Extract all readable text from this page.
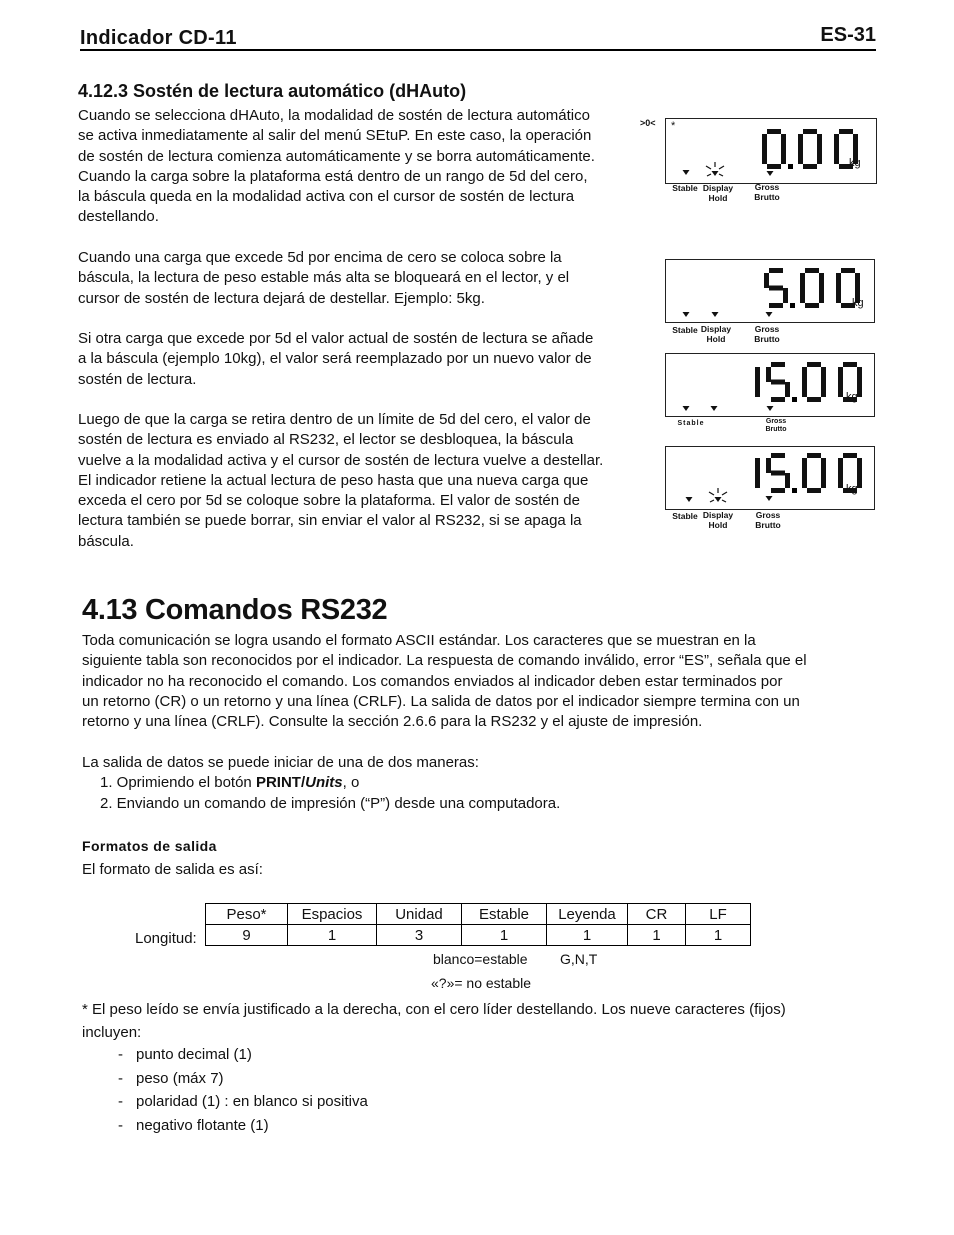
Indicador CD-11	ES-31
4.12.3 Sostén de lectura automático (dHAuto)
Cuando se selecciona dHAuto, la modalidad de sostén de lectura automático
se activa inmediatamente al salir del menú SEtuP. En este caso, la operación
de sostén de lectura comienza automáticamente y se borra automáticamente.
Cuando la carga sobre la plataforma está dentro de un rango de 5d del cero,
la báscula queda en la modalidad activa con el cursor de sostén de lectura
destellando.
Cuando una carga que excede 5d por encima de cero se coloca sobre la
báscula, la lectura de peso estable más alta se bloqueará en el lector, y el
cursor de sostén de lectura dejará de destellar. Ejemplo: 5kg.
Si otra carga que excede por 5d el valor actual de sostén de lectura se añade
a la báscula (ejemplo 10kg), el valor será reemplazado por un nuevo valor de
sostén de lectura.
Luego de que la carga se retira dentro de un límite de 5d del cero, el valor de
sostén de lectura es enviado al RS232, el lector se desbloquea, la báscula
vuelve a la modalidad activa y el cursor de sostén de lectura vuelve a destellar.
El indicador retiene la actual lectura de peso hasta que una nueva carga que
exceda el cero por 5d se coloque sobre la plataforma. El valor de sostén de
lectura también se puede borrar, sin enviar el valor al RS232, si se apaga la
báscula.
>0< *
kg
kg
kg
kg
Stable Display
Hold
Gross
Brutto
Stable Display
Hold
Gross
Brutto
Stable	Gross
Brutto
Stable Display
Hold
Gross
Brutto
4.13 Comandos RS232
Toda comunicación se logra usando el formato ASCII estándar. Los caracteres que se muestran en la
siguiente tabla son reconocidos por el indicador. La respuesta de comando inválido, error “ES”, señala que el
indicador no ha reconocido el comando. Los comandos enviados al indicador deben estar terminados por
un retorno (CR) o un retorno y una línea (CRLF). La salida de datos por el indicador siempre termina con un
retorno y una línea (CRLF). Consulte la sección 2.6.6 para la RS232 y el ajuste de impresión.
La salida de datos se puede iniciar de una de dos maneras:
1. Oprimiendo el botón PRINT/Units, o
2. Enviando un comando de impresión (“P”) desde una computadora.
Formatos de salida
El formato de salida es así:
Longitud:
Peso*	Espacios	Unidad	Estable	Leyenda	CR	LF
9	1	3	1	1	1	1
blanco=estable G,N,T
«?»= no estable
* El peso leído se envía justificado a la derecha, con el cero líder destellando. Los nueve caracteres (fijos)
incluyen:
- punto decimal (1)
- peso (máx 7)
- polaridad (1) : en blanco si positiva
- negativo flotante (1)
